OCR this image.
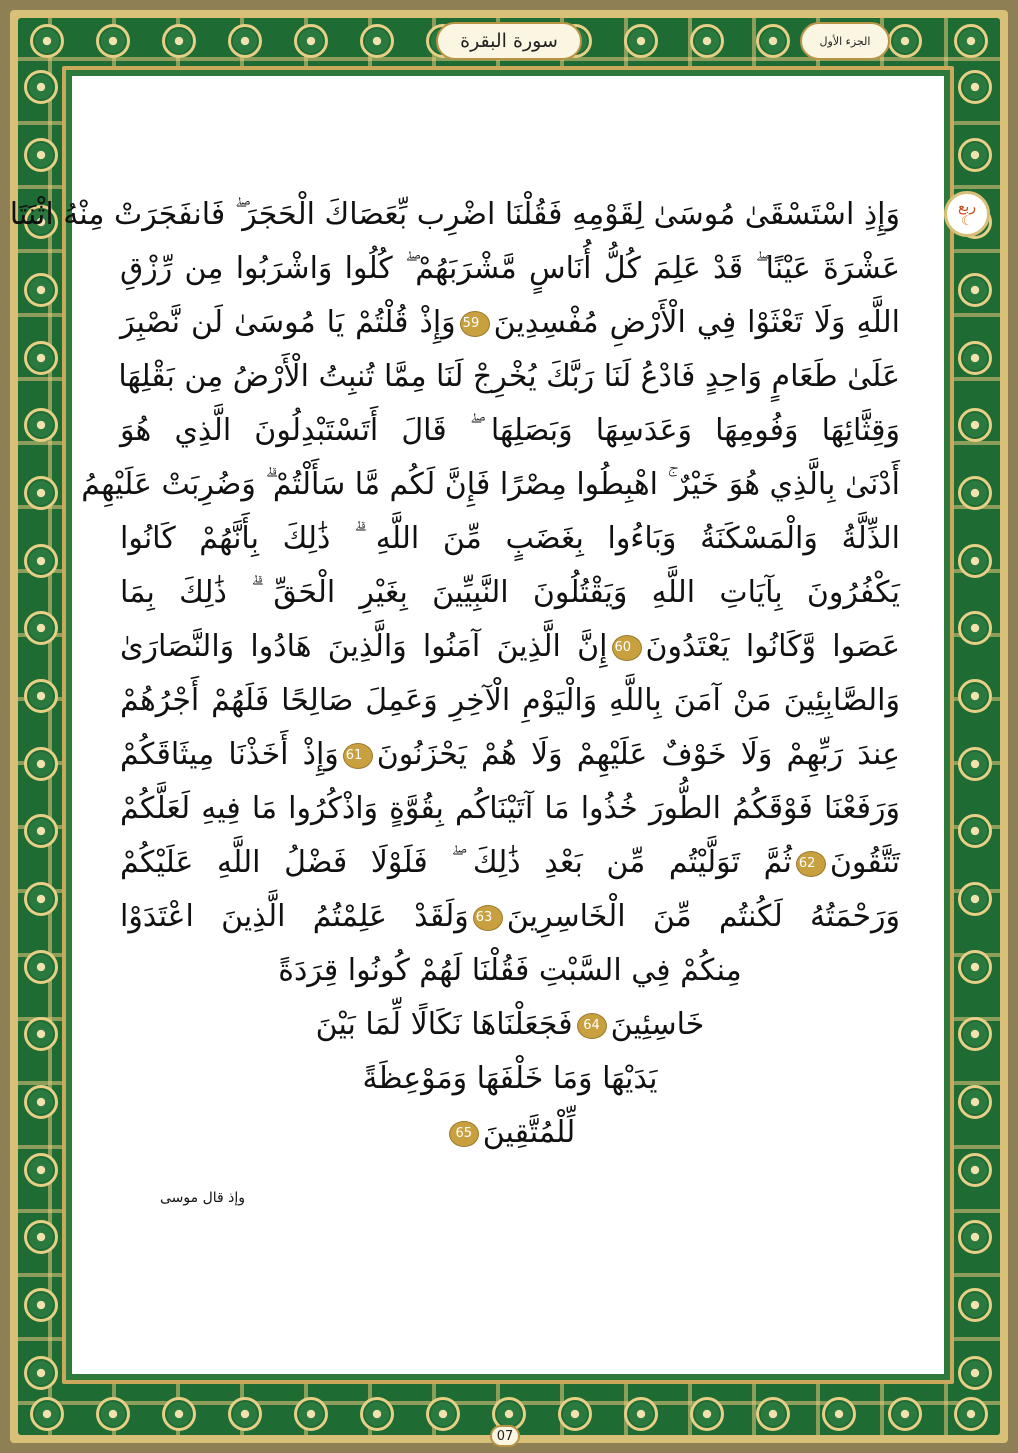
سورة البقرة	الجزء الأول
ربع
☾
وَإِذِ اسْتَسْقَىٰ مُوسَىٰ لِقَوْمِهِ فَقُلْنَا اضْرِب بِّعَصَاكَ الْحَجَرَ ۖ فَانفَجَرَتْ مِنْهُ اثْنَتَا
عَشْرَةَ عَيْنًا ۖ قَدْ عَلِمَ كُلُّ أُنَاسٍ مَّشْرَبَهُمْ ۖ كُلُوا وَاشْرَبُوا مِن رِّزْقِ
اللَّهِ وَلَا تَعْثَوْا فِي الْأَرْضِ مُفْسِدِينَ59وَإِذْ قُلْتُمْ يَا مُوسَىٰ لَن نَّصْبِرَ
عَلَىٰ طَعَامٍ وَاحِدٍ فَادْعُ لَنَا رَبَّكَ يُخْرِجْ لَنَا مِمَّا تُنبِتُ الْأَرْضُ مِن بَقْلِهَا
وَقِثَّائِهَا وَفُومِهَا وَعَدَسِهَا وَبَصَلِهَا ۖ قَالَ أَتَسْتَبْدِلُونَ الَّذِي هُوَ
أَدْنَىٰ بِالَّذِي هُوَ خَيْرٌ ۚ اهْبِطُوا مِصْرًا فَإِنَّ لَكُم مَّا سَأَلْتُمْ ۗ وَضُرِبَتْ عَلَيْهِمُ
الذِّلَّةُ وَالْمَسْكَنَةُ وَبَاءُوا بِغَضَبٍ مِّنَ اللَّهِ ۗ ذَٰلِكَ بِأَنَّهُمْ كَانُوا
يَكْفُرُونَ بِآيَاتِ اللَّهِ وَيَقْتُلُونَ النَّبِيِّينَ بِغَيْرِ الْحَقِّ ۗ ذَٰلِكَ بِمَا
عَصَوا وَّكَانُوا يَعْتَدُونَ60إِنَّ الَّذِينَ آمَنُوا وَالَّذِينَ هَادُوا وَالنَّصَارَىٰ
وَالصَّابِئِينَ مَنْ آمَنَ بِاللَّهِ وَالْيَوْمِ الْآخِرِ وَعَمِلَ صَالِحًا فَلَهُمْ أَجْرُهُمْ
عِندَ رَبِّهِمْ وَلَا خَوْفٌ عَلَيْهِمْ وَلَا هُمْ يَحْزَنُونَ61وَإِذْ أَخَذْنَا مِيثَاقَكُمْ
وَرَفَعْنَا فَوْقَكُمُ الطُّورَ خُذُوا مَا آتَيْنَاكُم بِقُوَّةٍ وَاذْكُرُوا مَا فِيهِ لَعَلَّكُمْ
تَتَّقُونَ62ثُمَّ تَوَلَّيْتُم مِّن بَعْدِ ذَٰلِكَ ۖ فَلَوْلَا فَضْلُ اللَّهِ عَلَيْكُمْ
وَرَحْمَتُهُ لَكُنتُم مِّنَ الْخَاسِرِينَ63وَلَقَدْ عَلِمْتُمُ الَّذِينَ اعْتَدَوْا
مِنكُمْ فِي السَّبْتِ فَقُلْنَا لَهُمْ كُونُوا قِرَدَةً
خَاسِئِينَ64فَجَعَلْنَاهَا نَكَالًا لِّمَا بَيْنَ
يَدَيْهَا وَمَا خَلْفَهَا وَمَوْعِظَةً
لِّلْمُتَّقِينَ65
وإذ قال موسى
07
